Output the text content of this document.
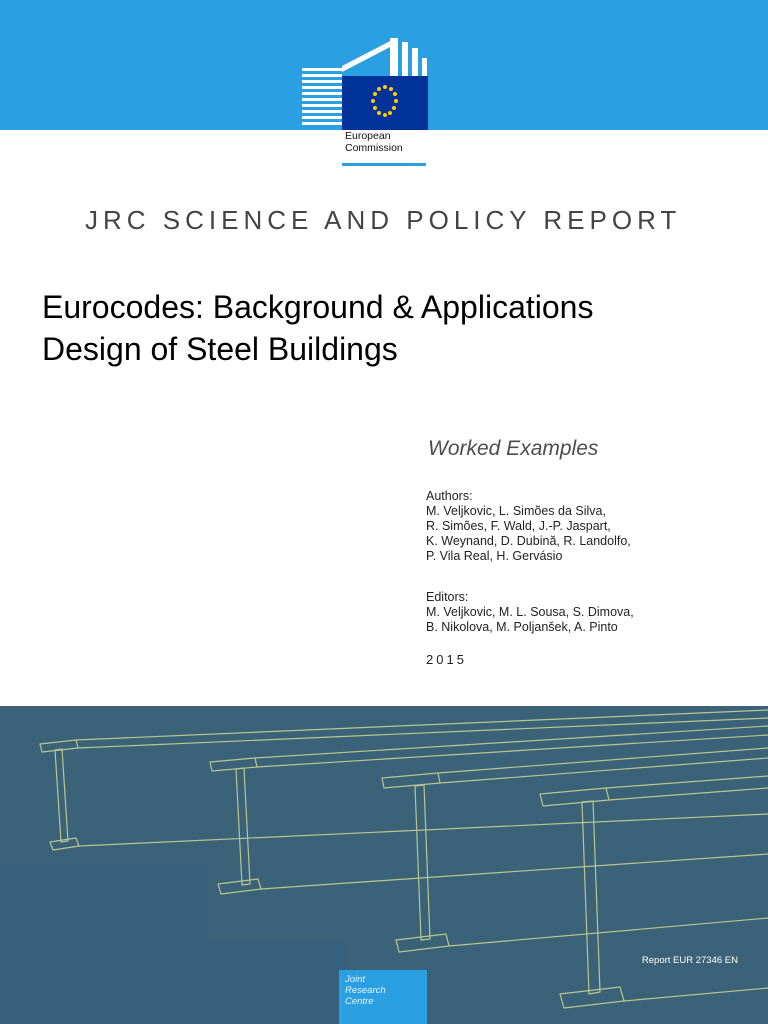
European
Commission
JRC SCIENCE AND POLICY REPORT
Eurocodes: Background & Applications
Design of Steel Buildings
Worked Examples
Authors:
M. Veljkovic, L. Simões da Silva,
R. Simões, F. Wald, J.-P. Jaspart,
K. Weynand, D. Dubină, R. Landolfo,
P. Vila Real, H. Gervásio
Editors:
M. Veljkovic, M. L. Sousa, S. Dimova,
B. Nikolova, M. Poljanšek, A. Pinto
2015
Report EUR 27346 EN
Joint
Research
Centre
